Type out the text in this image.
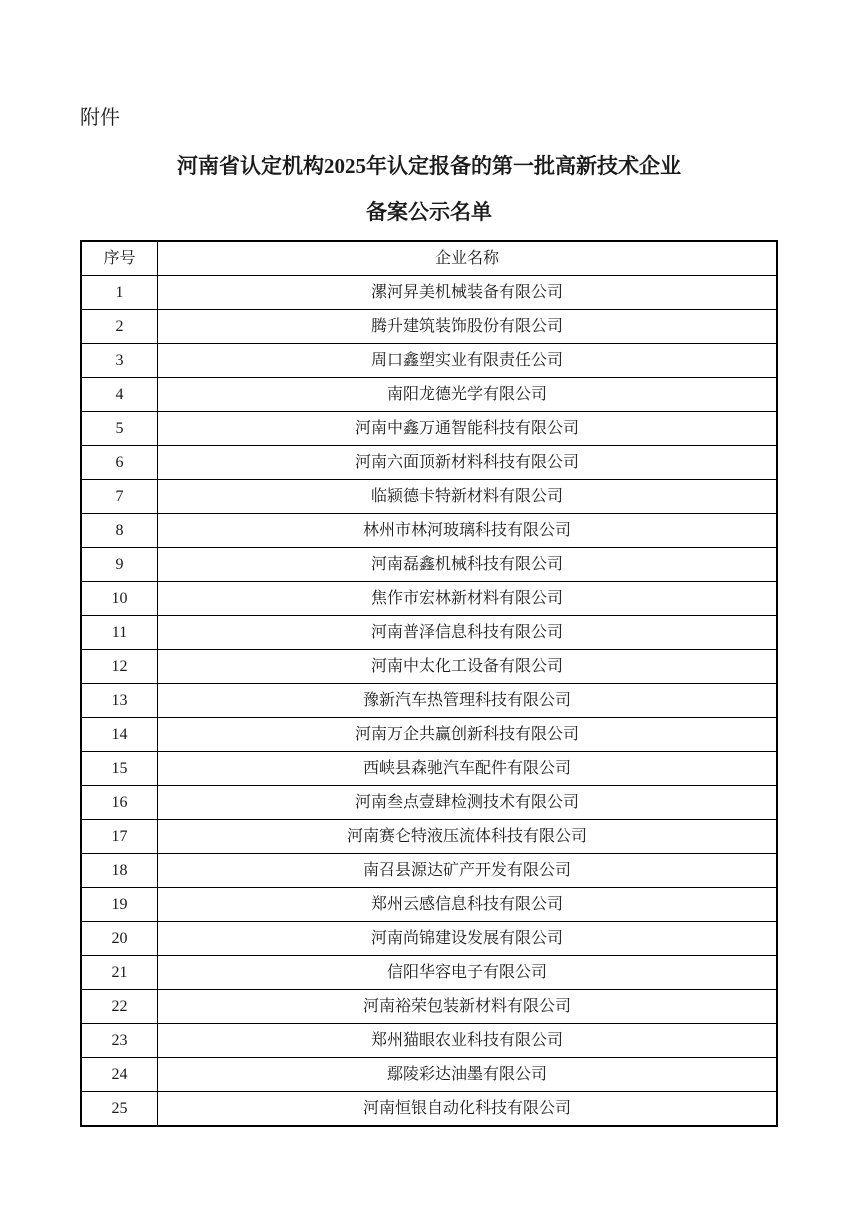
附件
河南省认定机构2025年认定报备的第一批高新技术企业
备案公示名单
序号	企业名称
1	漯河昇美机械装备有限公司
2	腾升建筑装饰股份有限公司
3	周口鑫塑实业有限责任公司
4	南阳龙德光学有限公司
5	河南中鑫万通智能科技有限公司
6	河南六面顶新材料科技有限公司
7	临颍德卡特新材料有限公司
8	林州市林河玻璃科技有限公司
9	河南磊鑫机械科技有限公司
10	焦作市宏林新材料有限公司
11	河南普泽信息科技有限公司
12	河南中太化工设备有限公司
13	豫新汽车热管理科技有限公司
14	河南万企共赢创新科技有限公司
15	西峡县森驰汽车配件有限公司
16	河南叁点壹肆检测技术有限公司
17	河南赛仑特液压流体科技有限公司
18	南召县源达矿产开发有限公司
19	郑州云感信息科技有限公司
20	河南尚锦建设发展有限公司
21	信阳华容电子有限公司
22	河南裕荣包装新材料有限公司
23	郑州猫眼农业科技有限公司
24	鄢陵彩达油墨有限公司
25	河南恒银自动化科技有限公司
